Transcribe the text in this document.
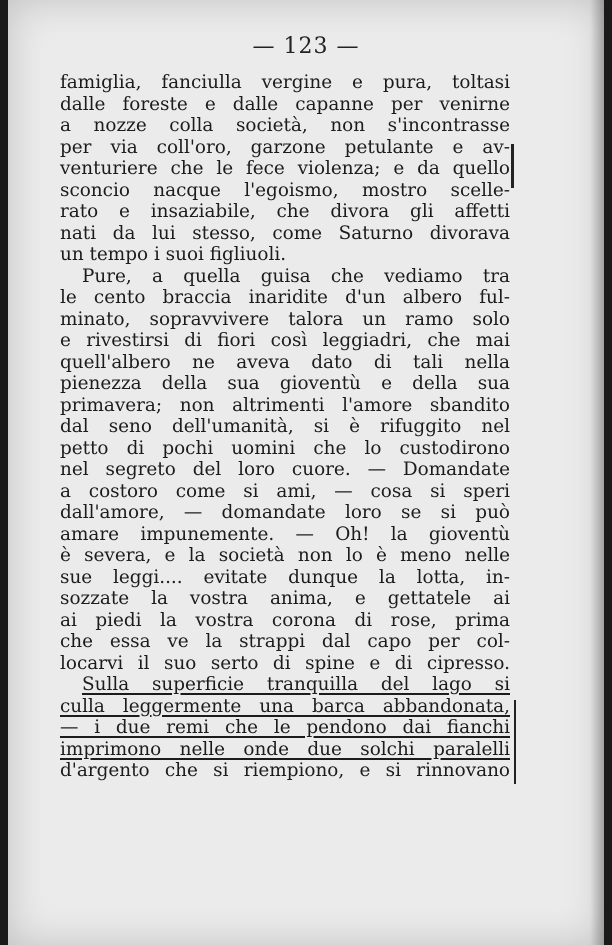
— 123 —
famiglia, fanciulla vergine e pura, toltasi
dalle foreste e dalle capanne per venirne
a nozze colla società, non s'incontrasse
per via coll'oro, garzone petulante e av-
venturiere che le fece violenza; e da quello
sconcio nacque l'egoismo, mostro scelle-
rato e insaziabile, che divora gli affetti
nati da lui stesso, come Saturno divorava
un tempo i suoi figliuoli.
Pure, a quella guisa che vediamo tra
le cento braccia inaridite d'un albero ful-
minato, sopravvivere talora un ramo solo
e rivestirsi di fiori così leggiadri, che mai
quell'albero ne aveva dato di tali nella
pienezza della sua gioventù e della sua
primavera; non altrimenti l'amore sbandito
dal seno dell'umanità, si è rifuggito nel
petto di pochi uomini che lo custodirono
nel segreto del loro cuore. — Domandate
a costoro come si ami, — cosa si speri
dall'amore, — domandate loro se si può
amare impunemente. — Oh! la gioventù
è severa, e la società non lo è meno nelle
sue leggi.... evitate dunque la lotta, in-
sozzate la vostra anima, e gettatele ai
ai piedi la vostra corona di rose, prima
che essa ve la strappi dal capo per col-
locarvi il suo serto di spine e di cipresso.
Sulla superficie tranquilla del lago si
culla leggermente una barca abbandonata,
— i due remi che le pendono dai fianchi
imprimono nelle onde due solchi paralelli
d'argento che si riempiono, e si rinnovano
